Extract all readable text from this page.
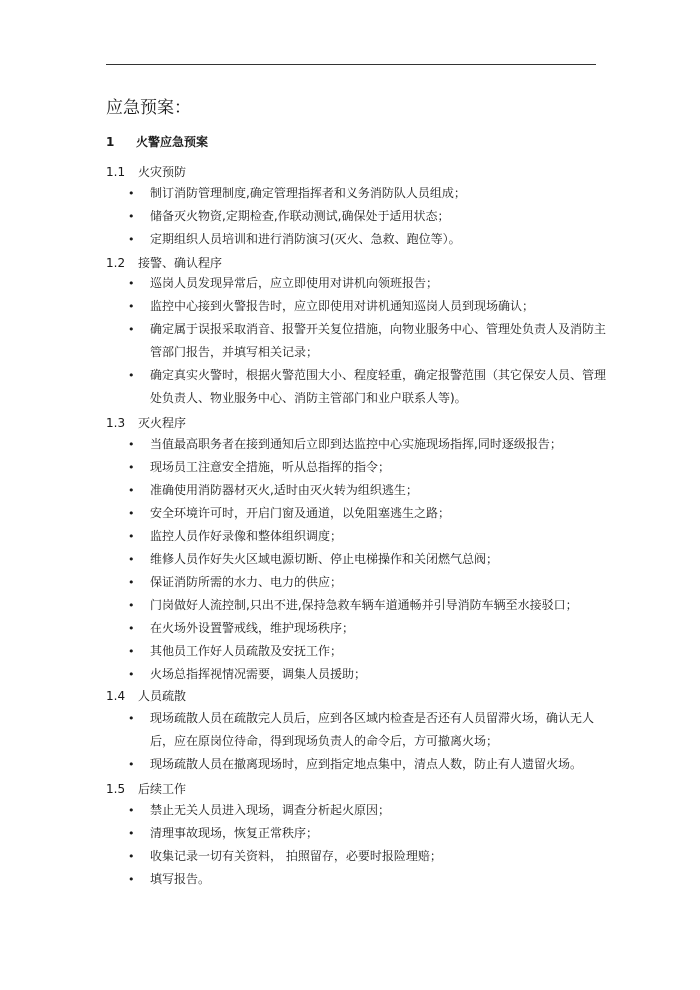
应急预案：
1 火警应急预案
1.1 火灾预防
• 制订消防管理制度,确定管理指挥者和义务消防队人员组成；
• 储备灭火物资,定期检查,作联动测试,确保处于适用状态；
• 定期组织人员培训和进行消防演习(灭火、急救、跑位等）。
1.2 接警、确认程序
• 巡岗人员发现异常后，应立即使用对讲机向领班报告；
• 监控中心接到火警报告时，应立即使用对讲机通知巡岗人员到现场确认；
• 确定属于误报采取消音、报警开关复位措施，向物业服务中心、管理处负责人及消防主管部门报告，并填写相关记录；
• 确定真实火警时，根据火警范围大小、程度轻重，确定报警范围（其它保安人员、管理处负责人、物业服务中心、消防主管部门和业户联系人等)。
1.3 灭火程序
• 当值最高职务者在接到通知后立即到达监控中心实施现场指挥,同时逐级报告；
• 现场员工注意安全措施，听从总指挥的指令；
• 准确使用消防器材灭火,适时由灭火转为组织逃生；
• 安全环境许可时，开启门窗及通道，以免阻塞逃生之路；
• 监控人员作好录像和整体组织调度；
• 维修人员作好失火区域电源切断、停止电梯操作和关闭燃气总阀；
• 保证消防所需的水力、电力的供应；
• 门岗做好人流控制,只出不进,保持急救车辆车道通畅并引导消防车辆至水接驳口；
• 在火场外设置警戒线，维护现场秩序；
• 其他员工作好人员疏散及安抚工作；
• 火场总指挥视情况需要，调集人员援助；
1.4 人员疏散
• 现场疏散人员在疏散完人员后，应到各区域内检查是否还有人员留滞火场，确认无人后，应在原岗位待命，得到现场负责人的命令后，方可撤离火场；
• 现场疏散人员在撤离现场时，应到指定地点集中，清点人数，防止有人遗留火场。
1.5 后续工作
• 禁止无关人员进入现场，调查分析起火原因；
• 清理事故现场，恢复正常秩序；
• 收集记录一切有关资料， 拍照留存，必要时报险理赔；
• 填写报告。
